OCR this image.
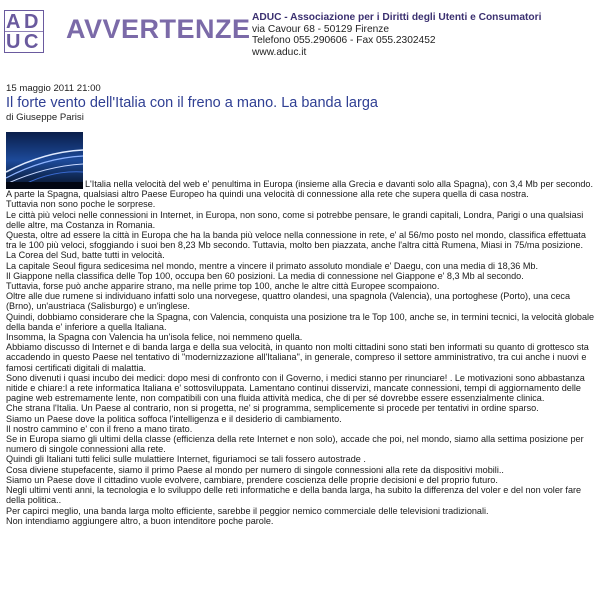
A D
U C AVVERTENZE ADUC - Associazione per i Diritti degli Utenti e Consumatori
via Cavour 68 - 50129 Firenze
Telefono 055.290606 - Fax 055.2302452
www.aduc.it
15 maggio 2011 21:00
Il forte vento dell'Italia con il freno a mano. La banda larga
di Giuseppe Parisi

L'Italia nella velocità del web e' penultima in Europa (insieme alla Grecia e davanti solo alla Spagna), con 3,4 Mb per secondo.

A parte la Spagna, qualsiasi altro Paese Europeo ha quindi una velocità di connessione alla rete che supera quella di casa nostra.

Tuttavia non sono poche le sorprese.

Le città più veloci nelle connessioni in Internet, in Europa, non sono, come si potrebbe pensare, le grandi capitali, Londra, Parigi o una qualsiasi delle altre, ma Costanza in Romania.

Questa, oltre ad essere la città in Europa che ha la banda più veloce nella connessione in rete, e' al 56/mo posto nel mondo, classifica effettuata tra le 100 più veloci, sfoggiando i suoi ben 8,23 Mb secondo. Tuttavia, molto ben piazzata, anche l'altra città Rumena, Miasi in 75/ma posizione.

La Corea del Sud, batte tutti in velocità.

La capitale Seoul figura sedicesima nel mondo, mentre a vincere il primato assoluto mondiale e' Daegu, con una media di 18,36 Mb.

Il Giappone nella classifica delle Top 100, occupa ben 60 posizioni. La media di connessione nel Giappone e' 8,3 Mb al secondo.

Tuttavia, forse può anche apparire strano, ma nelle prime top 100, anche le altre città Europee scompaiono.

Oltre alle due rumene si individuano infatti solo una norvegese, quattro olandesi, una spagnola (Valencia), una portoghese (Porto), una ceca (Brno), un'austriaca (Salisburgo) e un'inglese.

Quindi, dobbiamo considerare che la Spagna, con Valencia, conquista una posizione tra le Top 100, anche se, in termini tecnici, la velocità globale della banda e' inferiore a quella Italiana.

Insomma, la Spagna con Valencia ha un'isola felice, noi nemmeno quella.

Abbiamo discusso di Internet e di banda larga e della sua velocità, in quanto non molti cittadini sono stati ben informati su quanto di grottesco sta accadendo in questo Paese nel tentativo di "modernizzazione all'Italiana", in generale, compreso il settore amministrativo, tra cui anche i nuovi e famosi certificati digitali di malattia.

Sono divenuti i quasi incubo dei medici: dopo mesi di confronto con il Governo, i medici stanno per rinunciare! . Le motivazioni sono abbastanza nitide e chiare:l a rete informatica Italiana e' sottosviluppata. Lamentano continui disservizi, mancate connessioni, tempi di aggiornamento delle pagine web estremamente lente, non compatibili con una fluida attività medica, che di per sé dovrebbe essere essenzialmente clinica.

Che strana l'Italia. Un Paese al contrario, non si progetta, ne' si programma, semplicemente si procede per tentativi in ordine sparso.

Siamo un Paese dove la politica soffoca l'intelligenza e il desiderio di cambiamento.

Il nostro cammino e' con il freno a mano tirato.

Se in Europa siamo gli ultimi della classe (efficienza della rete Internet e non solo), accade che poi, nel mondo, siamo alla settima posizione per numero di singole connessioni alla rete.

Quindi gli Italiani tutti felici sulle mulattiere Internet, figuriamoci se tali fossero autostrade .

Cosa diviene stupefacente, siamo il primo Paese al mondo per numero di singole connessioni alla rete da dispositivi mobili..

Siamo un Paese dove il cittadino vuole evolvere, cambiare, prendere coscienza delle proprie decisioni e del proprio futuro.

Negli ultimi venti anni, la tecnologia e lo sviluppo delle reti informatiche e della banda larga, ha subito la differenza del voler e del non voler fare della politica..

Per capirci meglio, una banda larga molto efficiente, sarebbe il peggior nemico commerciale delle televisioni tradizionali.

Non intendiamo aggiungere altro, a buon intenditore poche parole.
